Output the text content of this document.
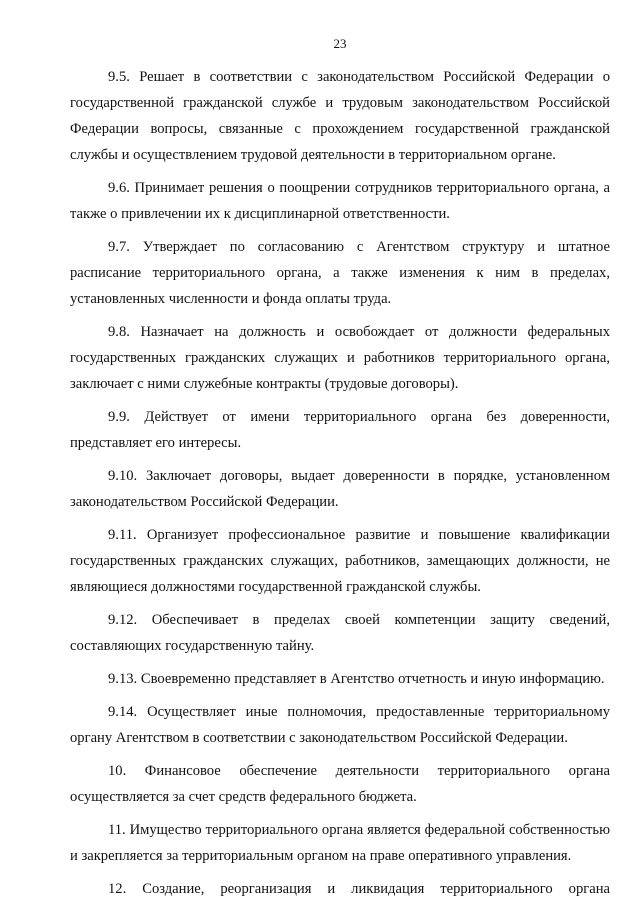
23

9.5. Решает в соответствии с законодательством Российской Федерации о государственной гражданской службе и трудовым законодательством Российской Федерации вопросы, связанные с прохождением государственной гражданской службы и осуществлением трудовой деятельности в территориальном органе.

9.6. Принимает решения о поощрении сотрудников территориального органа, а также о привлечении их к дисциплинарной ответственности.

9.7. Утверждает по согласованию с Агентством структуру и штатное расписание территориального органа, а также изменения к ним в пределах, установленных численности и фонда оплаты труда.

9.8. Назначает на должность и освобождает от должности федеральных государственных гражданских служащих и работников территориального органа, заключает с ними служебные контракты (трудовые договоры).

9.9. Действует от имени территориального органа без доверенности, представляет его интересы.

9.10. Заключает договоры, выдает доверенности в порядке, установленном законодательством Российской Федерации.

9.11. Организует профессиональное развитие и повышение квалификации государственных гражданских служащих, работников, замещающих должности, не являющиеся должностями государственной гражданской службы.

9.12. Обеспечивает в пределах своей компетенции защиту сведений, составляющих государственную тайну.

9.13. Своевременно представляет в Агентство отчетность и иную информацию.

9.14. Осуществляет иные полномочия, предоставленные территориальному органу Агентством в соответствии с законодательством Российской Федерации.

10. Финансовое обеспечение деятельности территориального органа осуществляется за счет средств федерального бюджета.

11. Имущество территориального органа является федеральной собственностью и закрепляется за территориальным органом на праве оперативного управления.

12. Создание, реорганизация и ликвидация территориального органа
